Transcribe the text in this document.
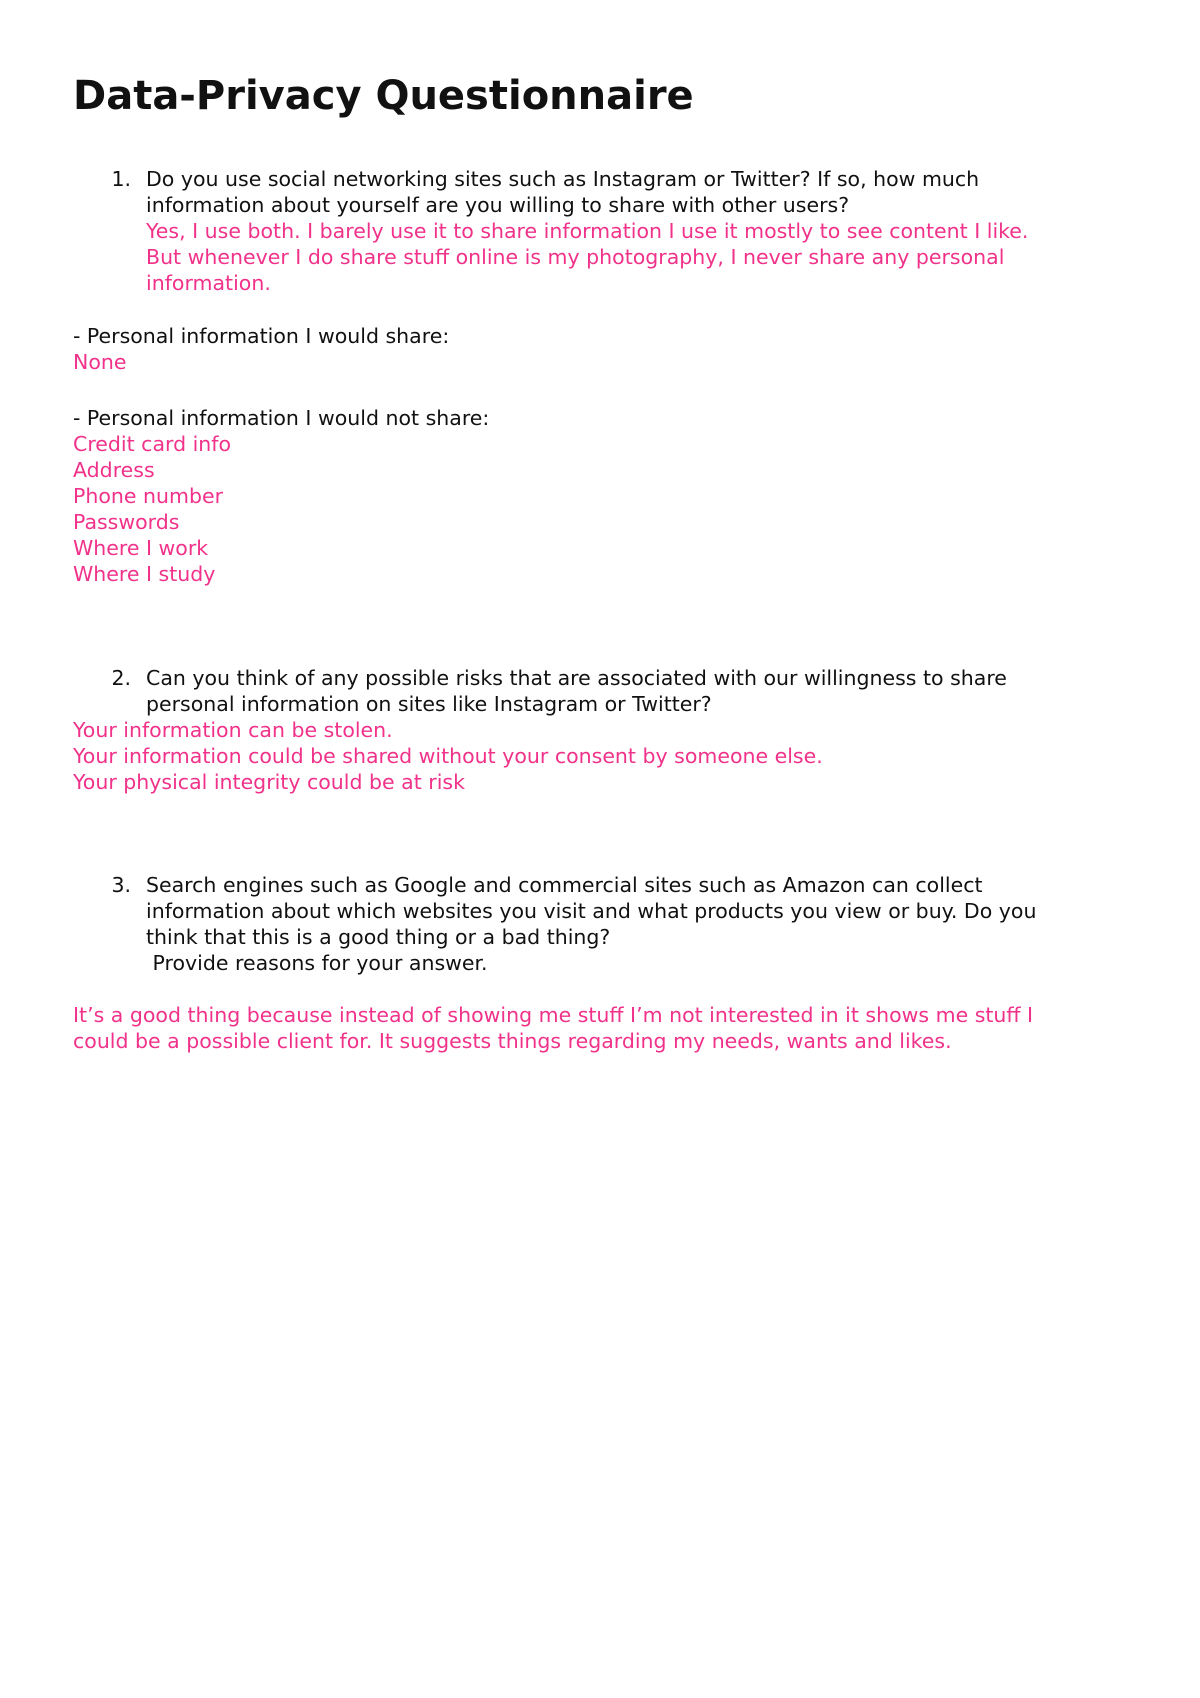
Data-Privacy Questionnaire
1. Do you use social networking sites such as Instagram or Twitter? If so, how much
information about yourself are you willing to share with other users?
Yes, I use both. I barely use it to share information I use it mostly to see content I like.
But whenever I do share stuff online is my photography, I never share any personal
information.
- Personal information I would share:
None
- Personal information I would not share:
Credit card info
Address
Phone number
Passwords
Where I work
Where I study
2. Can you think of any possible risks that are associated with our willingness to share
personal information on sites like Instagram or Twitter?
Your information can be stolen.
Your information could be shared without your consent by someone else.
Your physical integrity could be at risk
3. Search engines such as Google and commercial sites such as Amazon can collect
information about which websites you visit and what products you view or buy. Do you
think that this is a good thing or a bad thing?
Provide reasons for your answer.
It’s a good thing because instead of showing me stuff I’m not interested in it shows me stuff I
could be a possible client for. It suggests things regarding my needs, wants and likes.
